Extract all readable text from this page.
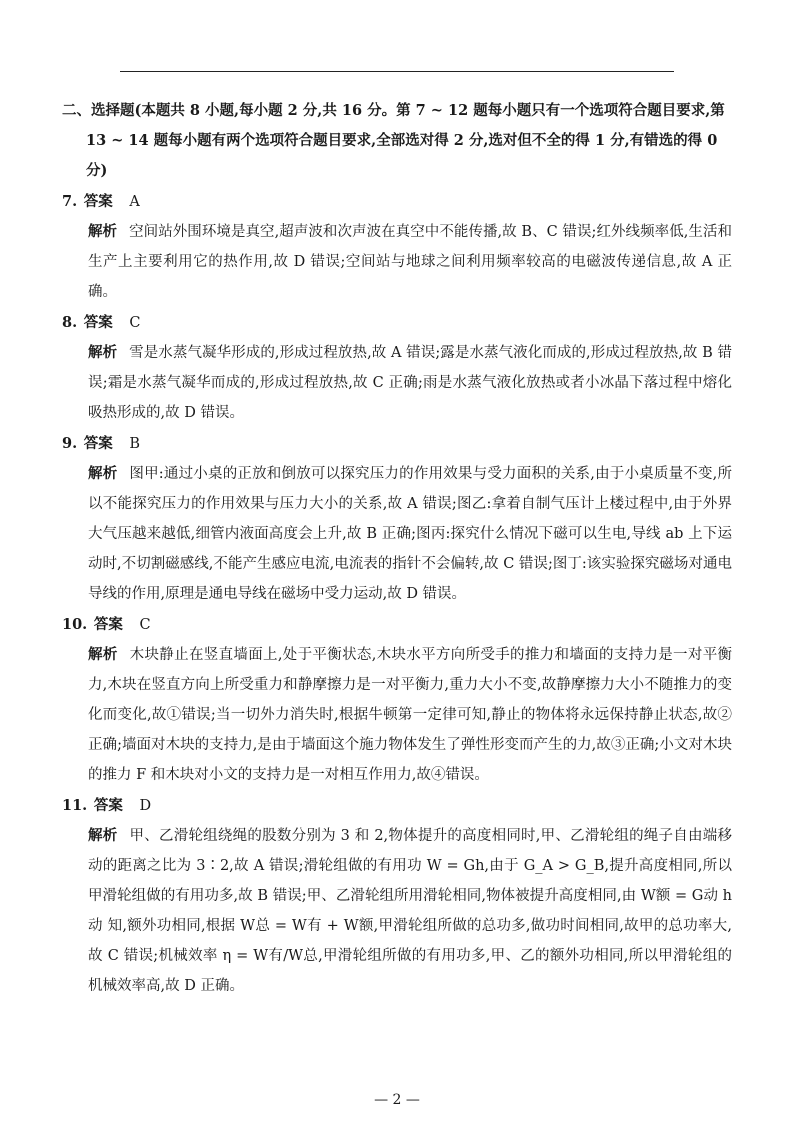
二、选择题(本题共 8 小题,每小题 2 分,共 16 分。第 7 ~ 12 题每小题只有一个选项符合题目要求,第 13 ~ 14 题每小题有两个选项符合题目要求,全部选对得 2 分,选对但不全的得 1 分,有错选的得 0 分)
7. 答案 A
解析 空间站外围环境是真空,超声波和次声波在真空中不能传播,故 B、C 错误;红外线频率低,生活和生产上主要利用它的热作用,故 D 错误;空间站与地球之间利用频率较高的电磁波传递信息,故 A 正确。
8. 答案 C
解析 雪是水蒸气凝华形成的,形成过程放热,故 A 错误;露是水蒸气液化而成的,形成过程放热,故 B 错误;霜是水蒸气凝华而成的,形成过程放热,故 C 正确;雨是水蒸气液化放热或者小冰晶下落过程中熔化吸热形成的,故 D 错误。
9. 答案 B
解析 图甲:通过小桌的正放和倒放可以探究压力的作用效果与受力面积的关系,由于小桌质量不变,所以不能探究压力的作用效果与压力大小的关系,故 A 错误;图乙:拿着自制气压计上楼过程中,由于外界大气压越来越低,细管内液面高度会上升,故 B 正确;图丙:探究什么情况下磁可以生电,导线 ab 上下运动时,不切割磁感线,不能产生感应电流,电流表的指针不会偏转,故 C 错误;图丁:该实验探究磁场对通电导线的作用,原理是通电导线在磁场中受力运动,故 D 错误。
10. 答案 C
解析 木块静止在竖直墙面上,处于平衡状态,木块水平方向所受手的推力和墙面的支持力是一对平衡力,木块在竖直方向上所受重力和静摩擦力是一对平衡力,重力大小不变,故静摩擦力大小不随推力的变化而变化,故①错误;当一切外力消失时,根据牛顿第一定律可知,静止的物体将永远保持静止状态,故②正确;墙面对木块的支持力,是由于墙面这个施力物体发生了弹性形变而产生的力,故③正确;小文对木块的推力 F 和木块对小文的支持力是一对相互作用力,故④错误。
11. 答案 D
解析 甲、乙滑轮组绕绳的股数分别为 3 和 2,物体提升的高度相同时,甲、乙滑轮组的绳子自由端移动的距离之比为 3∶2,故 A 错误;滑轮组做的有用功 W = Gh,由于 G_A > G_B,提升高度相同,所以甲滑轮组做的有用功多,故 B 错误;甲、乙滑轮组所用滑轮相同,物体被提升高度相同,由 W额 = G动 h动 知,额外功相同,根据 W总 = W有 + W额,甲滑轮组所做的总功多,做功时间相同,故甲的总功率大,故 C 错误;机械效率 η = W有/W总,甲滑轮组所做的有用功多,甲、乙的额外功相同,所以甲滑轮组的机械效率高,故 D 正确。
— 2 —
